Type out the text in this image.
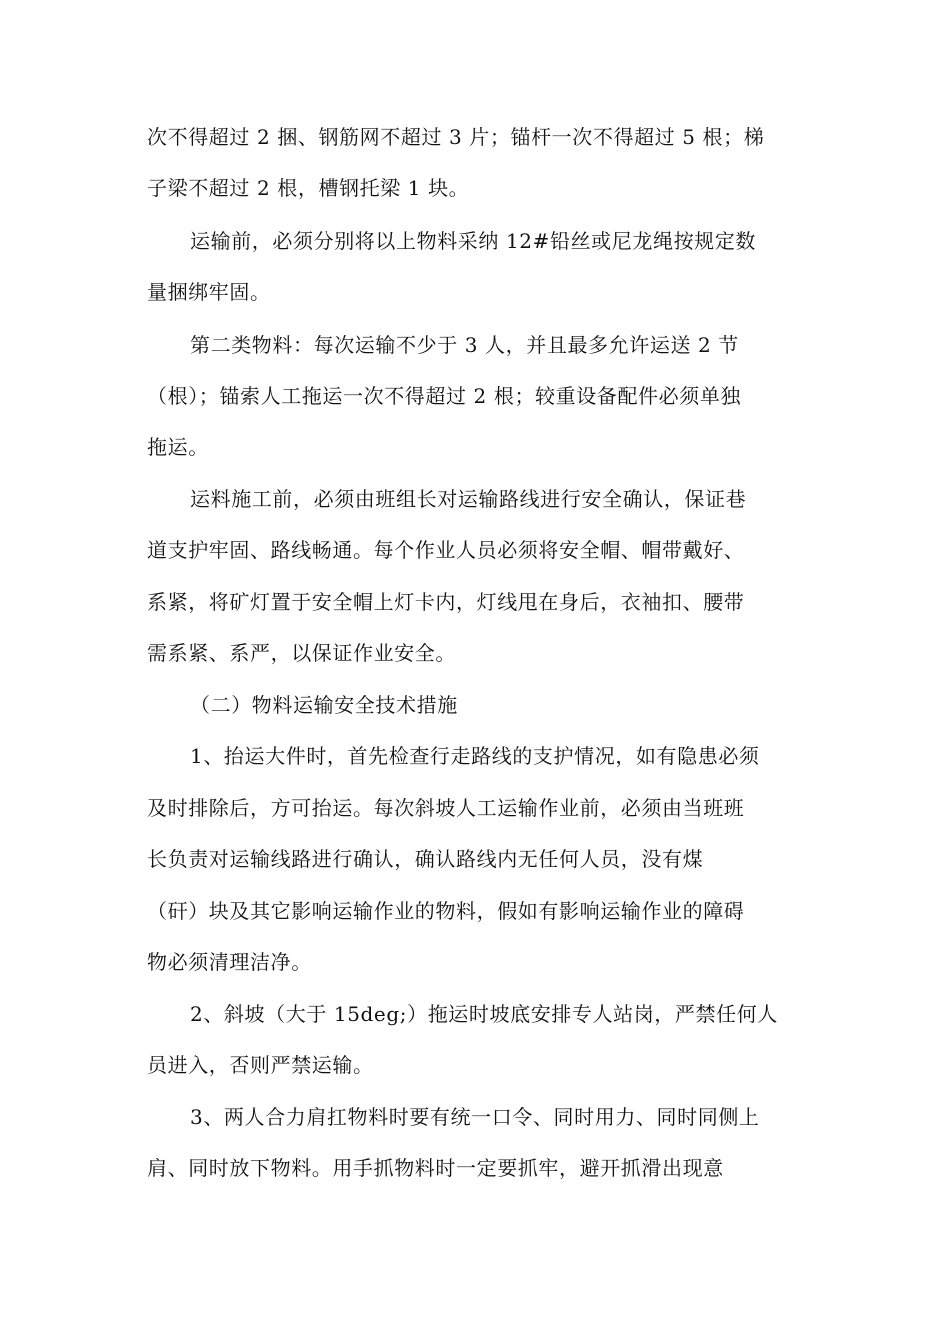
次不得超过 2 捆、钢筋网不超过 3 片；锚杆一次不得超过 5 根；梯
子梁不超过 2 根，槽钢托梁 1 块。
运输前，必须分别将以上物料采纳 12#铅丝或尼龙绳按规定数
量捆绑牢固。
第二类物料：每次运输不少于 3 人，并且最多允许运送 2 节
（根）；锚索人工拖运一次不得超过 2 根；较重设备配件必须单独
拖运。
运料施工前，必须由班组长对运输路线进行安全确认，保证巷
道支护牢固、路线畅通。每个作业人员必须将安全帽、帽带戴好、
系紧，将矿灯置于安全帽上灯卡内，灯线甩在身后，衣袖扣、腰带
需系紧、系严，以保证作业安全。
（二）物料运输安全技术措施
1、抬运大件时，首先检查行走路线的支护情况，如有隐患必须
及时排除后，方可抬运。每次斜坡人工运输作业前，必须由当班班
长负责对运输线路进行确认，确认路线内无任何人员，没有煤
（矸）块及其它影响运输作业的物料，假如有影响运输作业的障碍
物必须清理洁净。
2、斜坡（大于 15deg;）拖运时坡底安排专人站岗，严禁任何人
员进入，否则严禁运输。
3、两人合力肩扛物料时要有统一口令、同时用力、同时同侧上
肩、同时放下物料。用手抓物料时一定要抓牢，避开抓滑出现意
